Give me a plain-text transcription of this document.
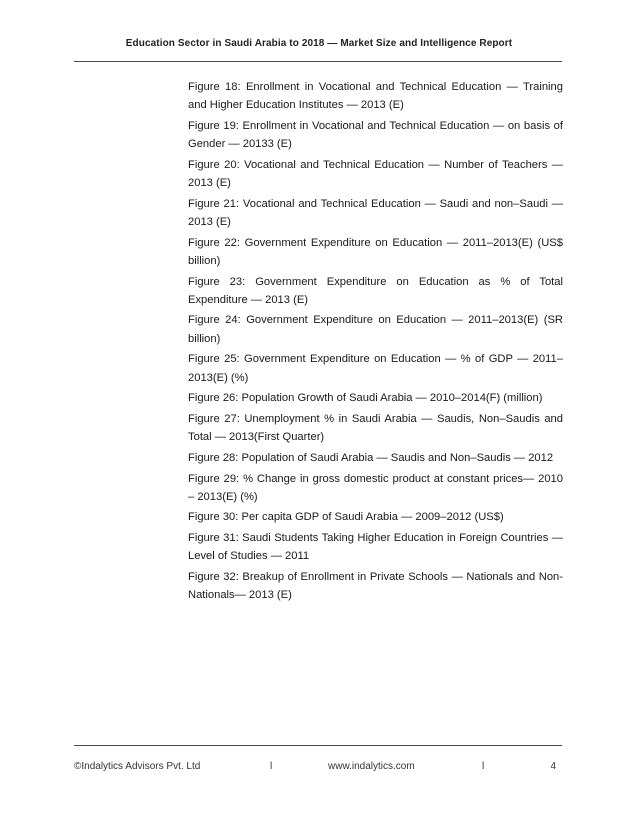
Education Sector in Saudi Arabia to 2018 — Market Size and Intelligence Report
Figure 18: Enrollment in Vocational and Technical Education — Training and Higher Education Institutes — 2013 (E)
Figure 19: Enrollment in Vocational and Technical Education — on basis of Gender — 20133 (E)
Figure 20: Vocational and Technical Education — Number of Teachers — 2013 (E)
Figure 21: Vocational and Technical Education — Saudi and non–Saudi — 2013 (E)
Figure 22: Government Expenditure on Education — 2011–2013(E) (US$ billion)
Figure 23: Government Expenditure on Education as % of Total Expenditure — 2013 (E)
Figure 24: Government Expenditure on Education — 2011–2013(E) (SR billion)
Figure 25: Government Expenditure on Education — % of GDP — 2011–2013(E) (%)
Figure 26: Population Growth of Saudi Arabia — 2010–2014(F) (million)
Figure 27: Unemployment % in Saudi Arabia — Saudis, Non–Saudis and Total — 2013(First Quarter)
Figure 28: Population of Saudi Arabia — Saudis and Non–Saudis — 2012
Figure 29: % Change in gross domestic product at constant prices— 2010 – 2013(E) (%)
Figure 30: Per capita GDP of Saudi Arabia — 2009–2012 (US$)
Figure 31: Saudi Students Taking Higher Education in Foreign Countries — Level of Studies — 2011
Figure 32: Breakup of Enrollment in Private Schools — Nationals and Non-Nationals— 2013 (E)
©Indalytics Advisors Pvt. Ltd	l	www.indalytics.com	l	4
